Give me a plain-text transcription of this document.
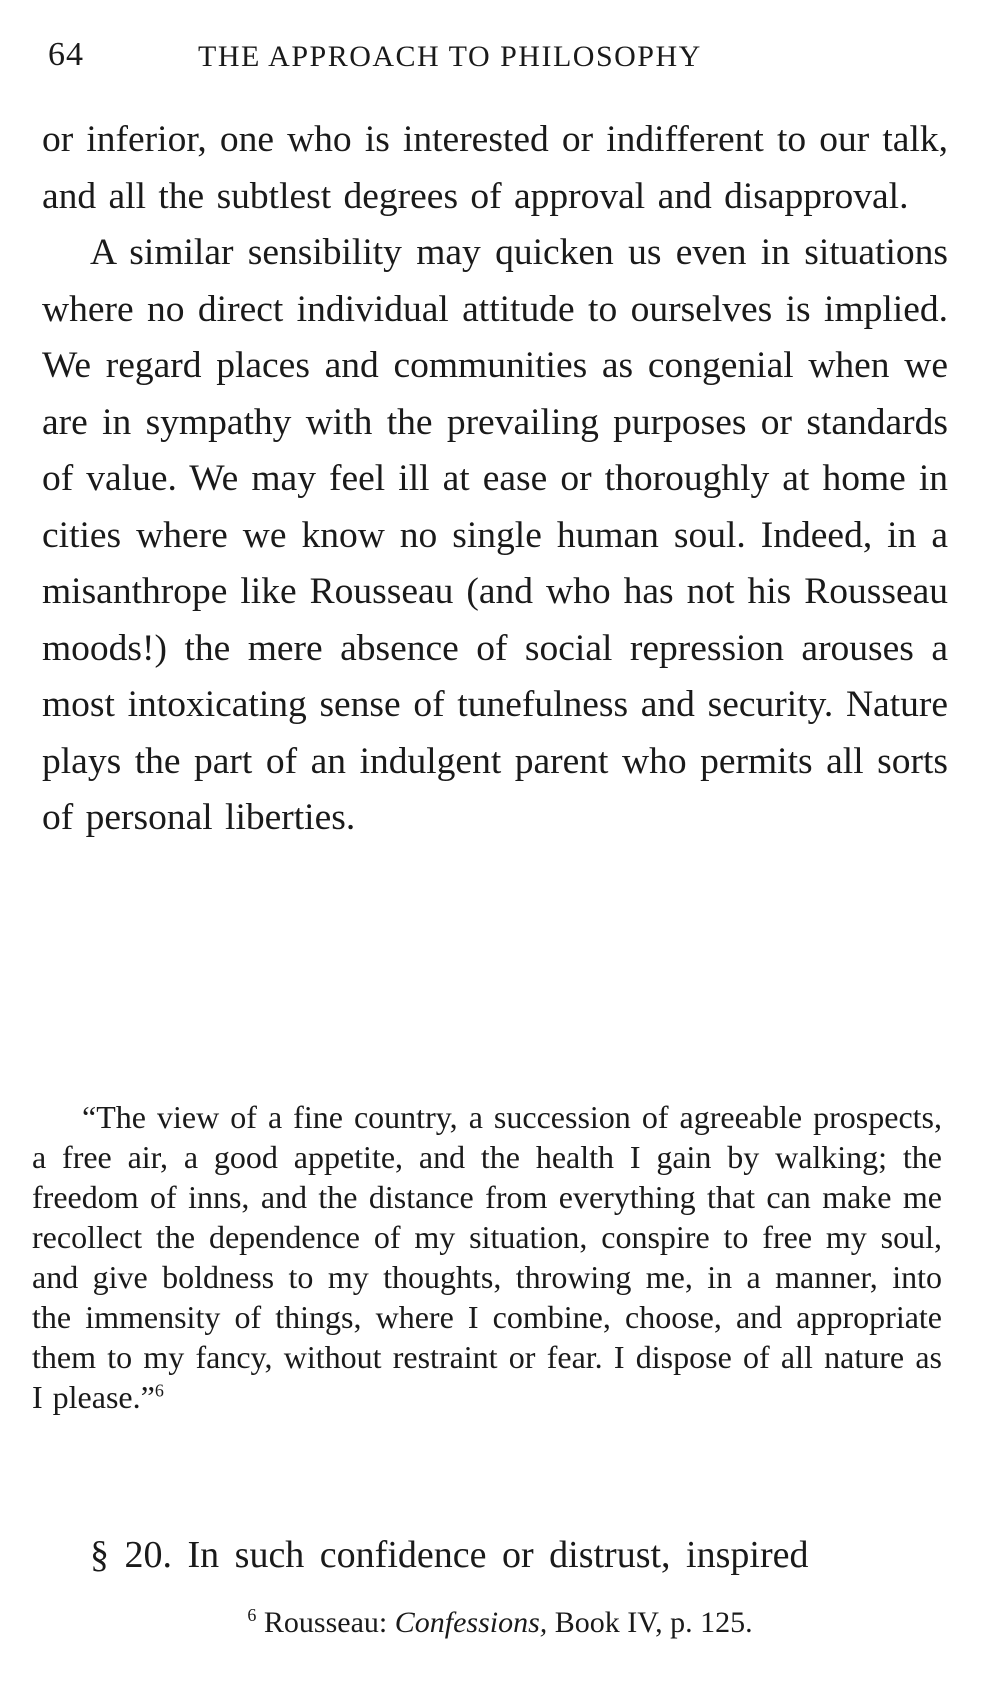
64	THE APPROACH TO PHILOSOPHY

or inferior, one who is interested or indifferent to our talk, and all the subtlest degrees of approval and disapproval.

A similar sensibility may quicken us even in situations where no direct individual attitude to ourselves is implied. We regard places and communities as congenial when we are in sympathy with the prevailing purposes or standards of value. We may feel ill at ease or thoroughly at home in cities where we know no single human soul. Indeed, in a misanthrope like Rousseau (and who has not his Rousseau moods!) the mere absence of social repression arouses a most intoxicating sense of tunefulness and security. Nature plays the part of an indulgent parent who permits all sorts of personal liberties.

“The view of a fine country, a succession of agreeable prospects, a free air, a good appetite, and the health I gain by walking; the freedom of inns, and the distance from everything that can make me recollect the dependence of my situation, conspire to free my soul, and give boldness to my thoughts, throwing me, in a manner, into the immensity of things, where I combine, choose, and appropriate them to my fancy, without restraint or fear. I dispose of all nature as I please.”$^6$

§ 20. In such confidence or distrust, inspired
$^6$ Rousseau: Confessions, Book IV, p. 125.
